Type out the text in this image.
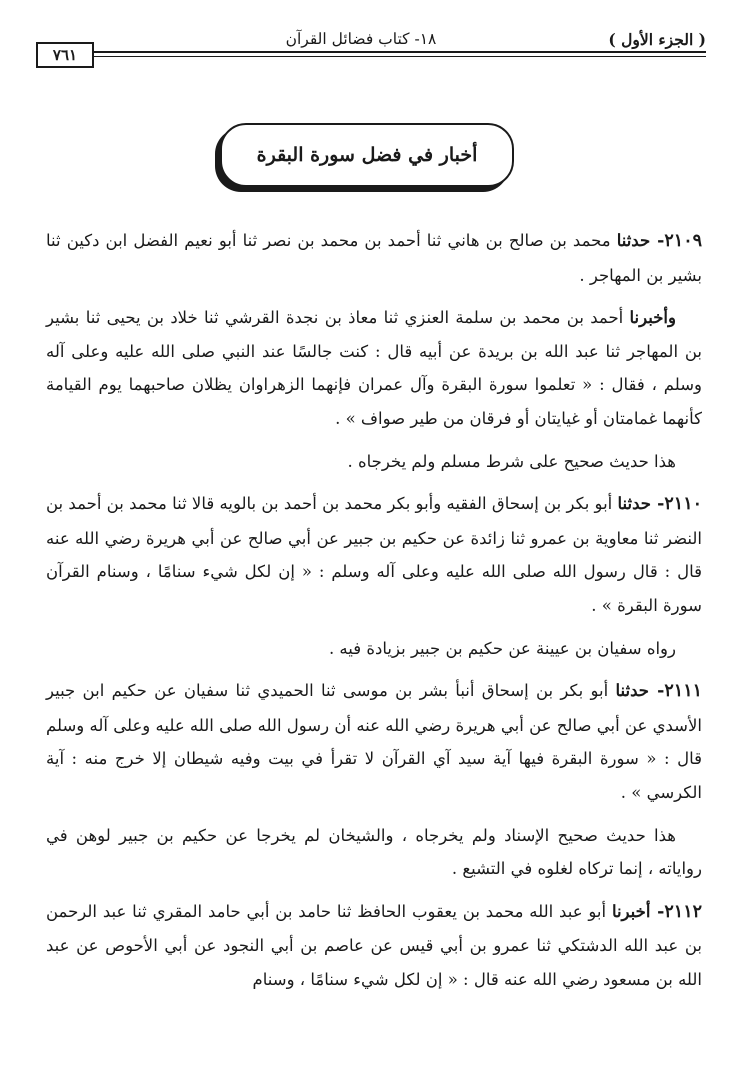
( الجزء الأول )
١٨- كتاب فضائل القرآن
٧٦١
أخبار في فضل سورة البقرة

٢١٠٩- حدثنا محمد بن صالح بن هاني ثنا أحمد بن محمد بن نصر ثنا أبو نعيم الفضل ابن دكين ثنا بشير بن المهاجر .

وأخبرنا أحمد بن محمد بن سلمة العنزي ثنا معاذ بن نجدة القرشي ثنا خلاد بن يحيى ثنا بشير بن المهاجر ثنا عبد الله بن بريدة عن أبيه قال : كنت جالسًا عند النبي صلى الله عليه وعلى آله وسلم ، فقال : « تعلموا سورة البقرة وآل عمران فإنهما الزهراوان يظلان صاحبهما يوم القيامة كأنهما غمامتان أو غيايتان أو فرقان من طير صواف » .

هذا حديث صحيح على شرط مسلم ولم يخرجاه .

٢١١٠- حدثنا أبو بكر بن إسحاق الفقيه وأبو بكر محمد بن أحمد بن بالويه قالا ثنا محمد بن أحمد بن النضر ثنا معاوية بن عمرو ثنا زائدة عن حكيم بن جبير عن أبي صالح عن أبي هريرة رضي الله عنه قال : قال رسول الله صلى الله عليه وعلى آله وسلم : « إن لكل شيء سنامًا ، وسنام القرآن سورة البقرة » .

رواه سفيان بن عيينة عن حكيم بن جبير بزيادة فيه .

٢١١١- حدثنا أبو بكر بن إسحاق أنبأ بشر بن موسى ثنا الحميدي ثنا سفيان عن حكيم ابن جبير الأسدي عن أبي صالح عن أبي هريرة رضي الله عنه أن رسول الله صلى الله عليه وعلى آله وسلم قال : « سورة البقرة فيها آية سيد آي القرآن لا تقرأ في بيت وفيه شيطان إلا خرج منه : آية الكرسي » .

هذا حديث صحيح الإسناد ولم يخرجاه ، والشيخان لم يخرجا عن حكيم بن جبير لوهن في رواياته ، إنما تركاه لغلوه في التشيع .

٢١١٢- أخبرنا أبو عبد الله محمد بن يعقوب الحافظ ثنا حامد بن أبي حامد المقري ثنا عبد الرحمن بن عبد الله الدشتكي ثنا عمرو بن أبي قيس عن عاصم بن أبي النجود عن أبي الأحوص عن عبد الله بن مسعود رضي الله عنه قال : « إن لكل شيء سنامًا ، وسنام
